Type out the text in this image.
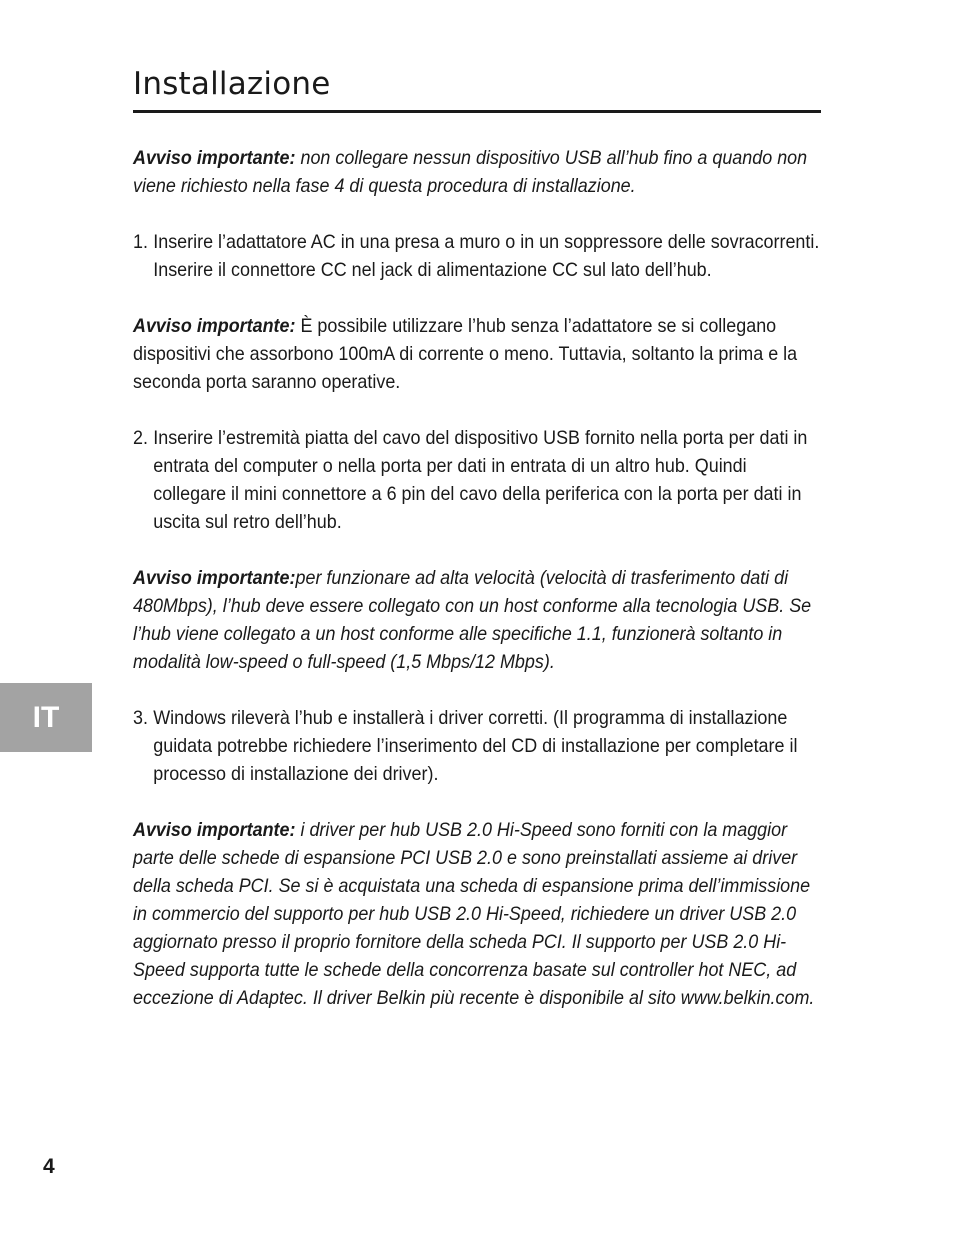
Installazione

Avviso importante: non collegare nessun dispositivo USB all’hub fino a quando non viene richiesto nella fase 4 di questa procedura di installazione.

1. Inserire l’adattatore AC in una presa a muro o in un soppressore delle sovracorrenti. Inserire il connettore CC nel jack di alimentazione CC sul lato dell’hub.

Avviso importante: È possibile utilizzare l’hub senza l’adattatore se si collegano dispositivi che assorbono 100mA di corrente o meno. Tuttavia, soltanto la prima e la seconda porta saranno operative.

2. Inserire l’estremità piatta del cavo del dispositivo USB fornito nella porta per dati in entrata del computer o nella porta per dati in entrata di un altro hub. Quindi collegare il mini connettore a 6 pin del cavo della periferica con la porta per dati in uscita sul retro dell’hub.

Avviso importante:per funzionare ad alta velocità (velocità di trasferimento dati di 480Mbps), l’hub deve essere collegato con un host conforme alla tecnologia USB. Se l’hub viene collegato a un host conforme alle specifiche 1.1, funzionerà soltanto in modalità low-speed o full-speed (1,5 Mbps/12 Mbps).

3. Windows rileverà l’hub e installerà i driver corretti. (Il programma di installazione guidata potrebbe richiedere l’inserimento del CD di installazione per completare il processo di installazione dei driver).

Avviso importante: i driver per hub USB 2.0 Hi-Speed sono forniti con la maggior parte delle schede di espansione PCI USB 2.0 e sono preinstallati assieme ai driver della scheda PCI. Se si è acquistata una scheda di espansione prima dell’immissione in commercio del supporto per hub USB 2.0 Hi-Speed, richiedere un driver USB 2.0 aggiornato presso il proprio fornitore della scheda PCI. Il supporto per USB 2.0 Hi-Speed supporta tutte le schede della concorrenza basate sul controller hot NEC, ad eccezione di Adaptec. Il driver Belkin più recente è disponibile al sito www.belkin.com.

IT
4
